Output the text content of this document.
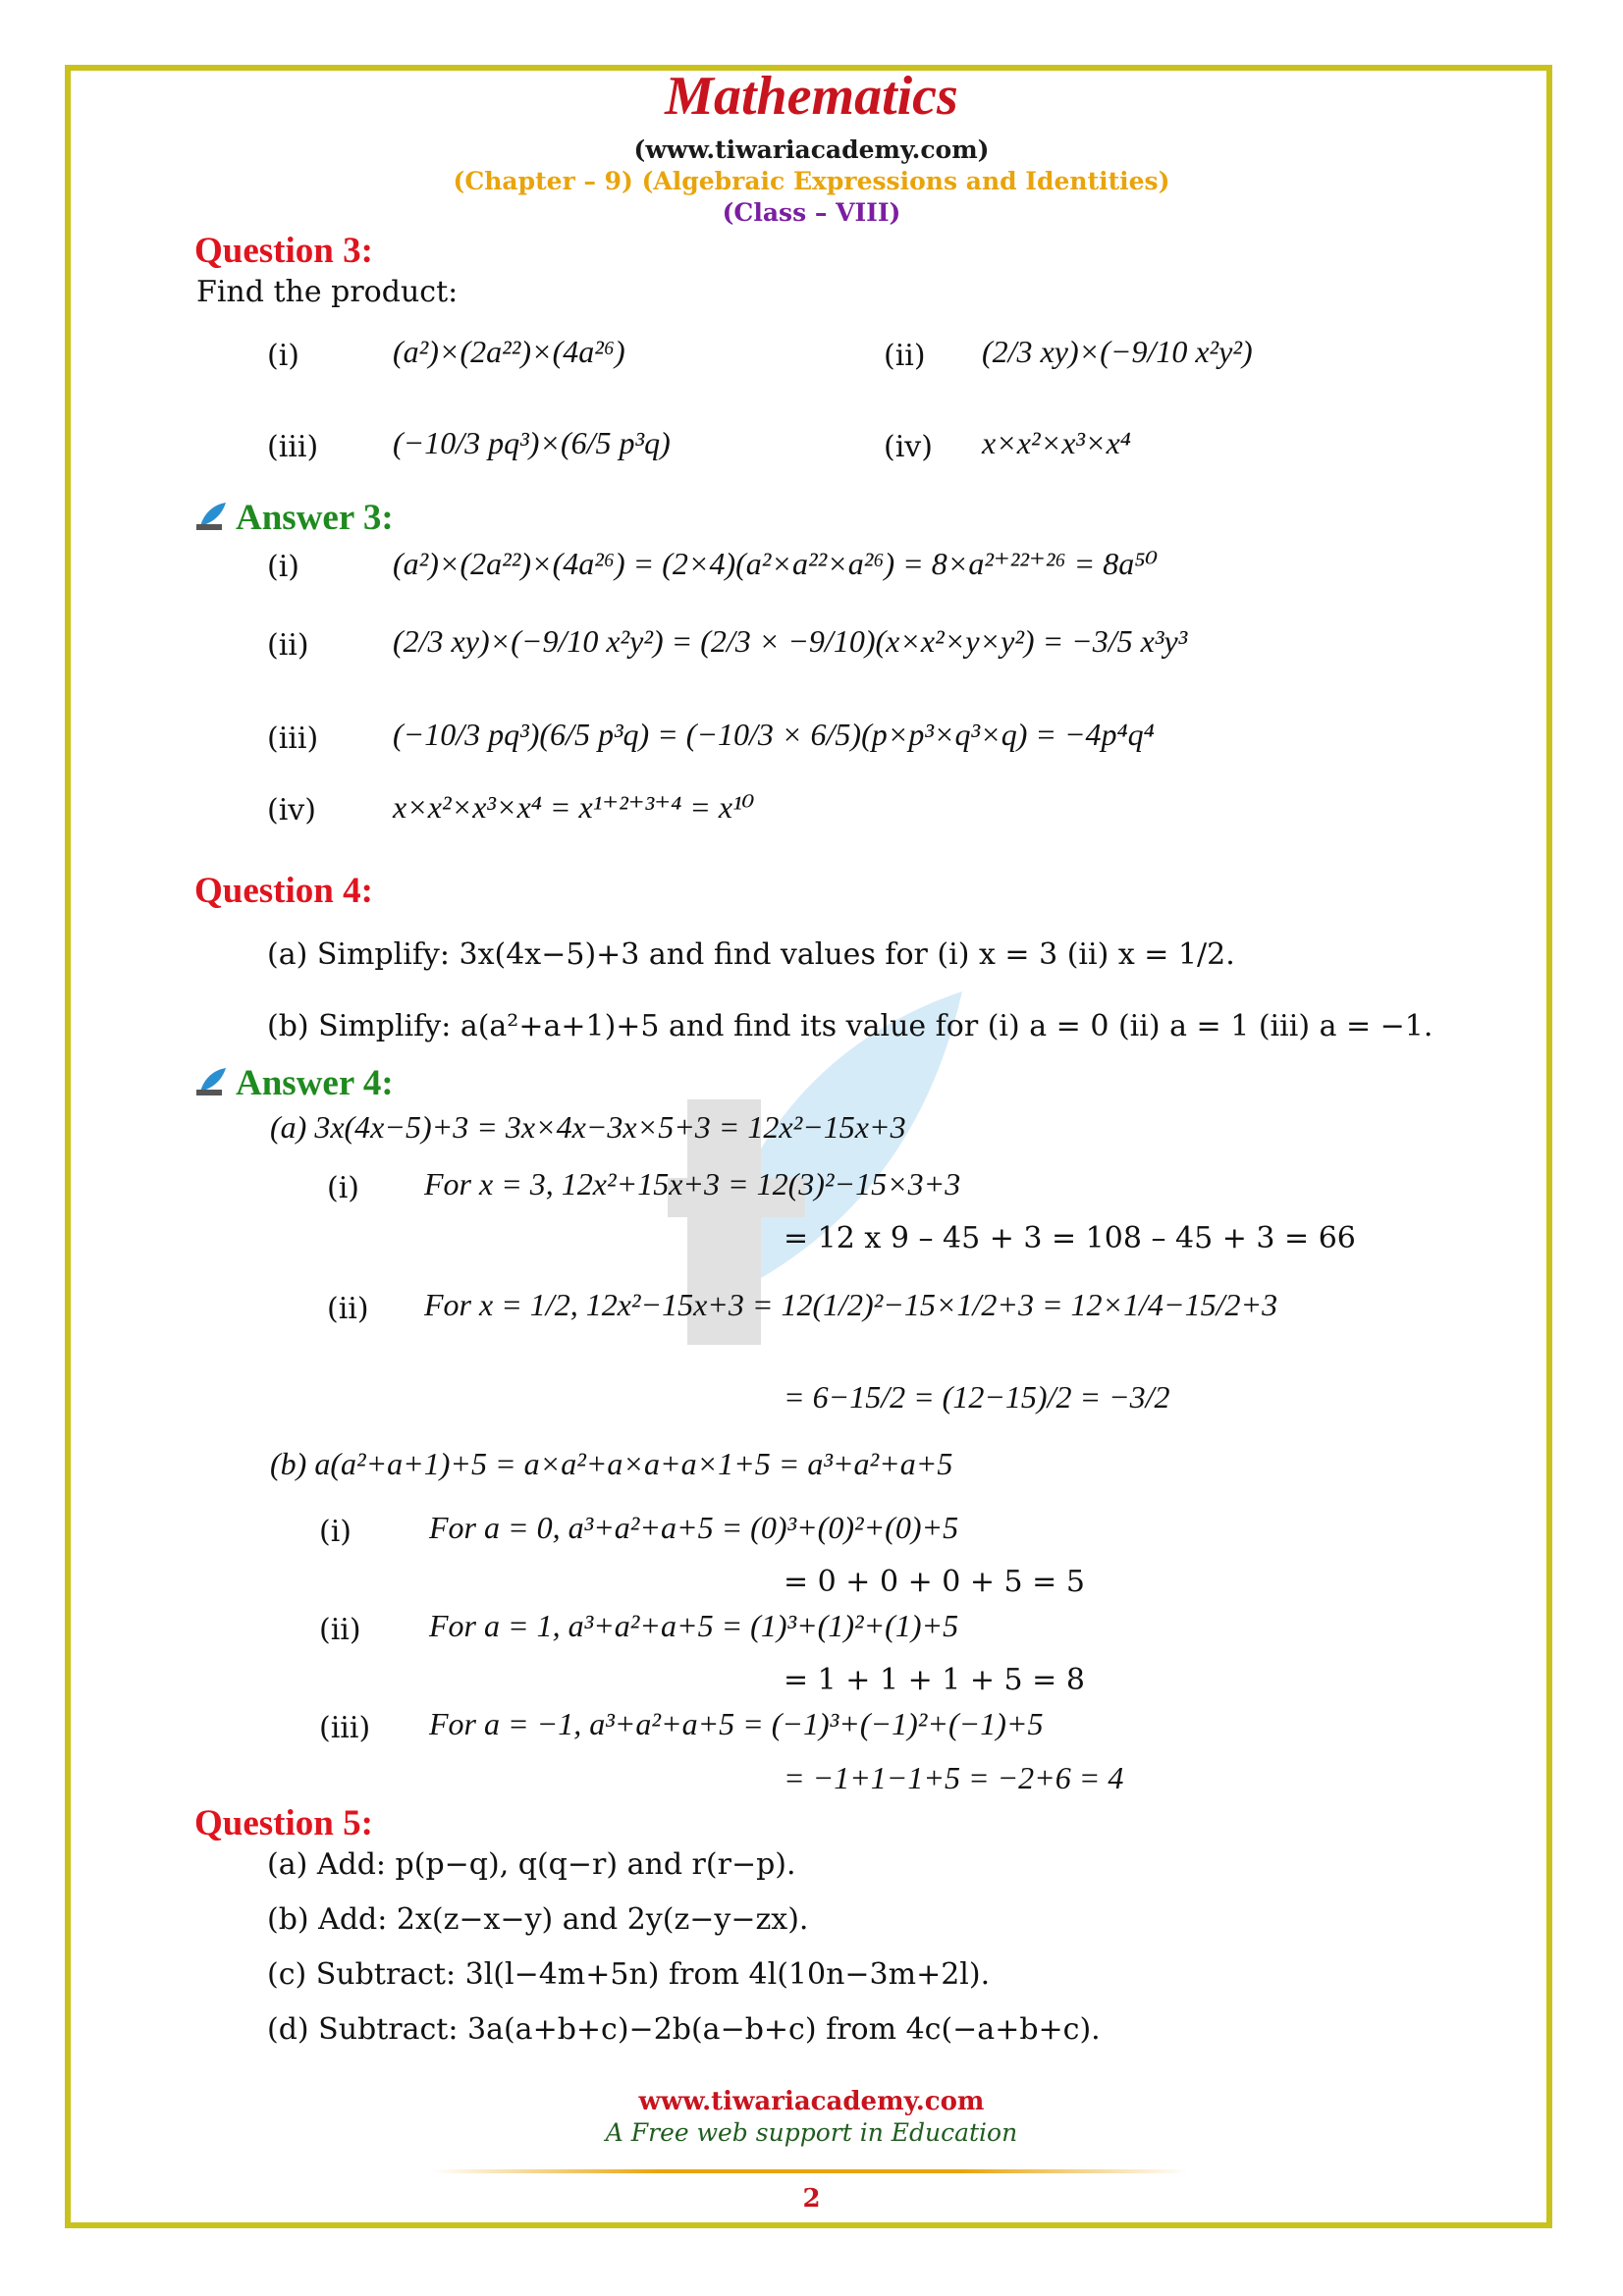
Mathematics
(www.tiwariacademy.com)
(Chapter – 9) (Algebraic Expressions and Identities)
(Class – VIII)
Question 3:
Find the product:
(i)	(a²)×(2a²²)×(4a²⁶)	(ii) (2/3 xy)×(−9/10 x²y²)
(iii) (−10/3 pq³)×(6/5 p³q)	(iv) x×x²×x³×x⁴
Answer 3:
(i)	(a²)×(2a²²)×(4a²⁶) = (2×4)(a²×a²²×a²⁶) = 8×a²⁺²²⁺²⁶ = 8a⁵⁰
(ii)	(2/3 xy)×(−9/10 x²y²) = (2/3 × −9/10)(x×x²×y×y²) = −3/5 x³y³
(iii) (−10/3 pq³)(6/5 p³q) = (−10/3 × 6/5)(p×p³×q³×q) = −4p⁴q⁴
(iv) x×x²×x³×x⁴ = x¹⁺²⁺³⁺⁴ = x¹⁰
Question 4:
(a) Simplify: 3x(4x−5)+3 and find values for (i) x = 3 (ii) x = 1/2.
(b) Simplify: a(a²+a+1)+5 and find its value for (i) a = 0 (ii) a = 1 (iii) a = −1.
Answer 4:
(a) 3x(4x−5)+3 = 3x×4x−3x×5+3 = 12x²−15x+3
(i) For x = 3, 12x²+15x+3 = 12(3)²−15×3+3
= 12 x 9 – 45 + 3 = 108 – 45 + 3 = 66
(ii) For x = 1/2, 12x²−15x+3 = 12(1/2)²−15×1/2+3 = 12×1/4−15/2+3
= 6−15/2 = (12−15)/2 = −3/2
(b) a(a²+a+1)+5 = a×a²+a×a+a×1+5 = a³+a²+a+5
(i) For a = 0, a³+a²+a+5 = (0)³+(0)²+(0)+5
= 0 + 0 + 0 + 5 = 5
(ii) For a = 1, a³+a²+a+5 = (1)³+(1)²+(1)+5
= 1 + 1 + 1 + 5 = 8
(iii) For a = −1, a³+a²+a+5 = (−1)³+(−1)²+(−1)+5
= −1+1−1+5 = −2+6 = 4
Question 5:
(a) Add: p(p−q), q(q−r) and r(r−p).
(b) Add: 2x(z−x−y) and 2y(z−y−zx).
(c) Subtract: 3l(l−4m+5n) from 4l(10n−3m+2l).
(d) Subtract: 3a(a+b+c)−2b(a−b+c) from 4c(−a+b+c).
www.tiwariacademy.com
A Free web support in Education
2
